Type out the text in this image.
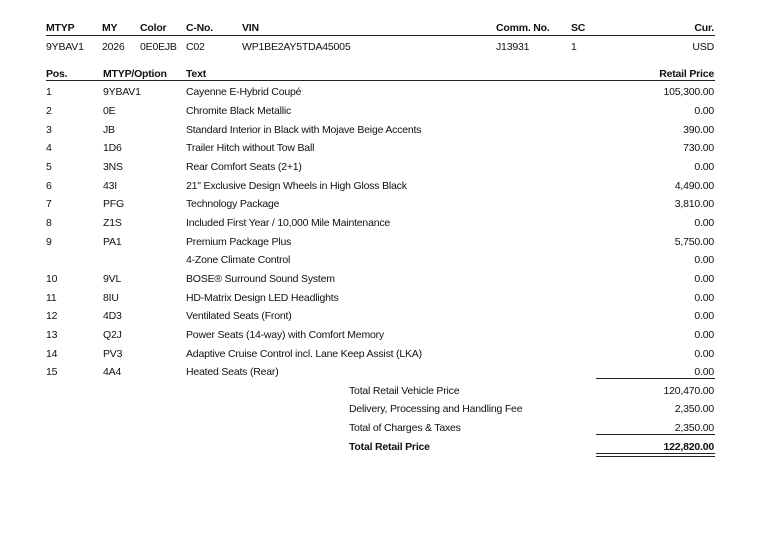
MTYP	MY Color C-No.	VIN	Comm. No. SC	Cur.
9YBAV1 2026 0E0EJB C02	WP1BE2AY5TDA45005	J13931	1	USD
Pos.	MTYP/Option Text	Retail Price
1	9YBAV1	Cayenne E-Hybrid Coupé	105,300.00
2	0E	Chromite Black Metallic	0.00
3	JB	Standard Interior in Black with Mojave Beige Accents	390.00
4	1D6	Trailer Hitch without Tow Ball	730.00
5	3NS	Rear Comfort Seats (2+1)	0.00
6	43I	21" Exclusive Design Wheels in High Gloss Black	4,490.00
7	PFG	Technology Package	3,810.00
8	Z1S	Included First Year / 10,000 Mile Maintenance	0.00
9	PA1	Premium Package Plus	5,750.00
4-Zone Climate Control	0.00
10	9VL	BOSE® Surround Sound System	0.00
11	8IU	HD-Matrix Design LED Headlights	0.00
12	4D3	Ventilated Seats (Front)	0.00
13	Q2J	Power Seats (14-way) with Comfort Memory	0.00
14	PV3	Adaptive Cruise Control incl. Lane Keep Assist (LKA)	0.00
15	4A4	Heated Seats (Rear)	0.00
Total Retail Vehicle Price	120,470.00
Delivery, Processing and Handling Fee	2,350.00
Total of Charges & Taxes	2,350.00
Total Retail Price	122,820.00
